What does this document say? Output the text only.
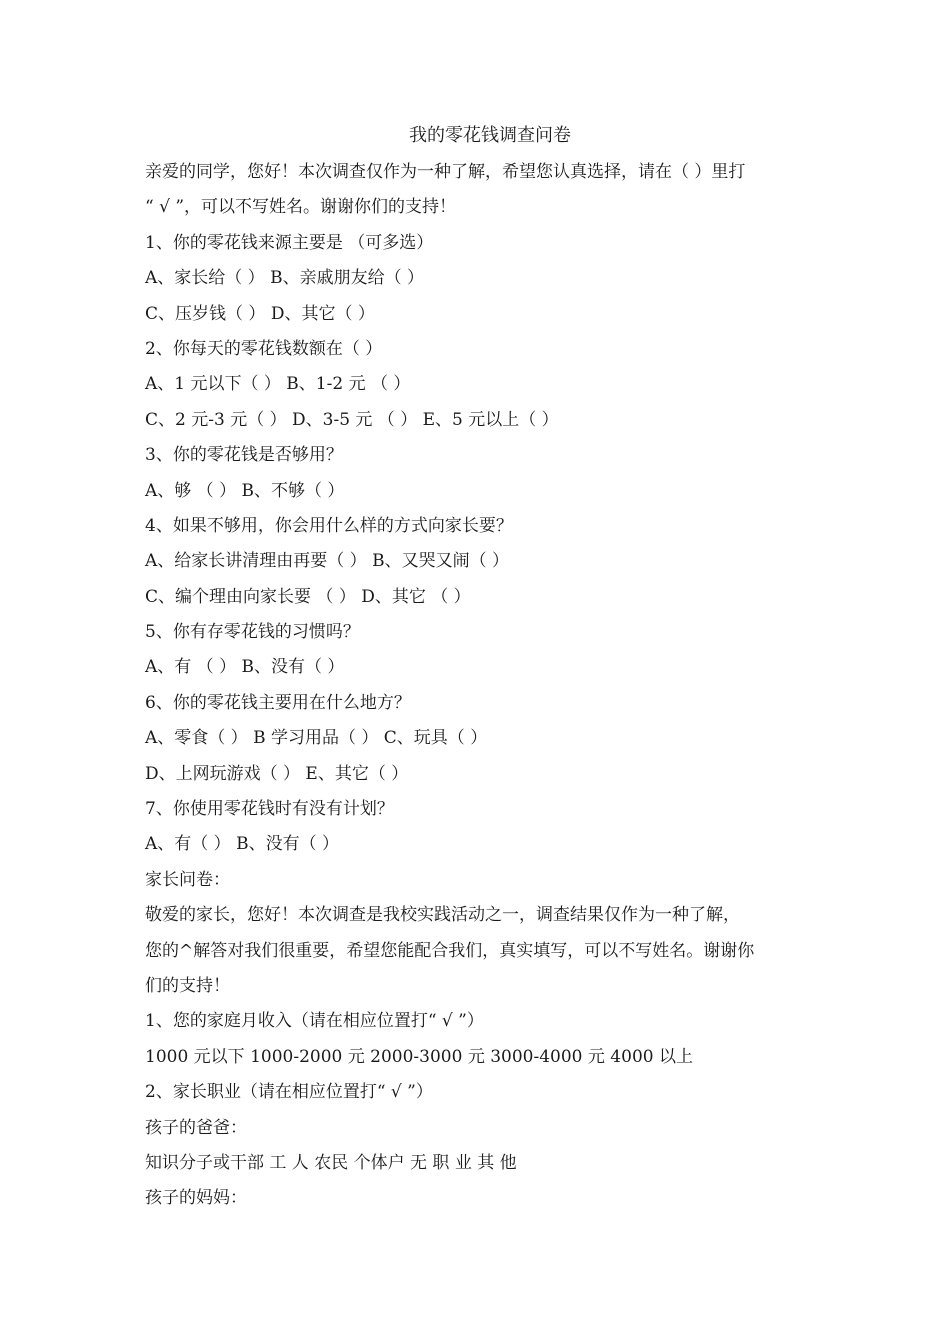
我的零花钱调查问卷
亲爱的同学，您好！本次调查仅作为一种了解，希望您认真选择，请在（ ）里打
“ √ ”，可以不写姓名。谢谢你们的支持！
1、你的零花钱来源主要是 （可多选）
A、家长给（ ） B、亲戚朋友给（ ）
C、压岁钱（ ） D、其它（ ）
2、你每天的零花钱数额在（ ）
A、1 元以下（ ） B、1-2 元 （ ）
C、2 元-3 元（ ） D、3-5 元 （ ） E、5 元以上（ ）
3、你的零花钱是否够用？
A、够 （ ） B、不够（ ）
4、如果不够用，你会用什么样的方式向家长要？
A、给家长讲清理由再要（ ） B、又哭又闹（ ）
C、编个理由向家长要 （ ） D、其它 （ ）
5、你有存零花钱的习惯吗？
A、有 （ ） B、没有（ ）
6、你的零花钱主要用在什么地方？
A、零食（ ） B 学习用品（ ） C、玩具（ ）
D、上网玩游戏（ ） E、其它（ ）
7、你使用零花钱时有没有计划？
A、有（ ） B、没有（ ）
家长问卷：
敬爱的家长，您好！本次调查是我校实践活动之一，调查结果仅作为一种了解，
您的^解答对我们很重要，希望您能配合我们，真实填写，可以不写姓名。谢谢你
们的支持！
1、您的家庭月收入（请在相应位置打“ √ ”）
1000 元以下 1000-2000 元 2000-3000 元 3000-4000 元 4000 以上
2、家长职业（请在相应位置打“ √ ”）
孩子的爸爸：
知识分子或干部 工 人 农民 个体户 无 职 业 其 他
孩子的妈妈：
